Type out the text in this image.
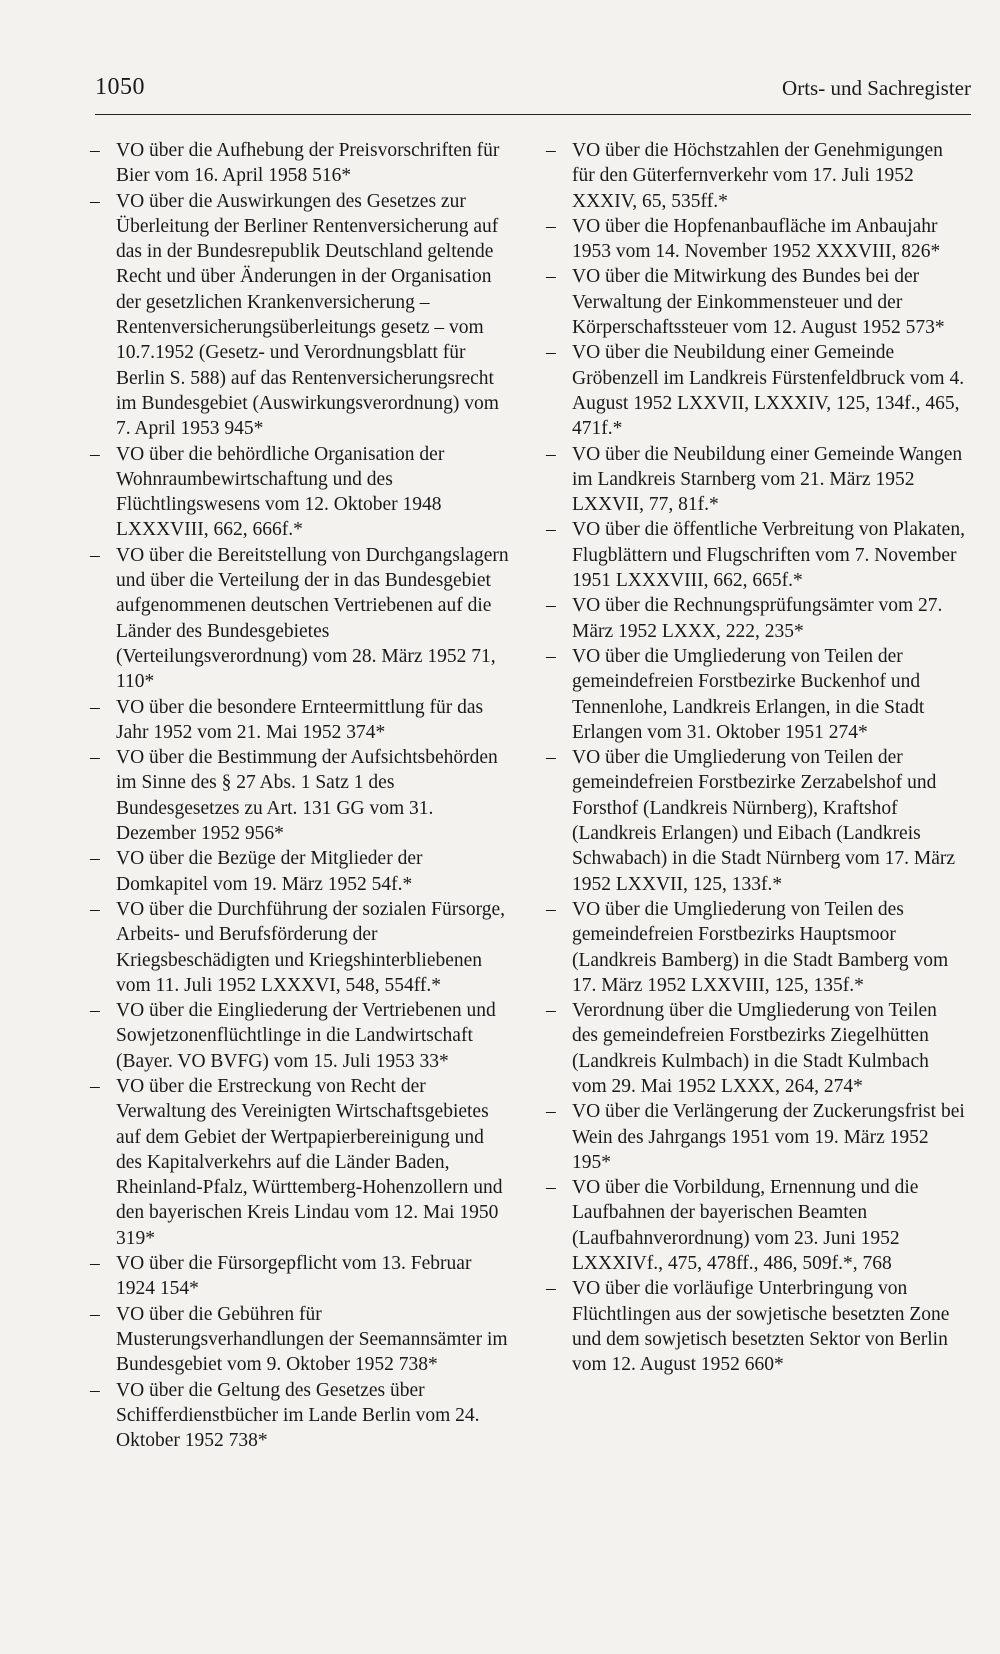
1050	Orts- und Sachregister

– VO über die Aufhebung der Preisvorschriften für Bier vom 16. April 1958 516*

– VO über die Auswirkungen des Gesetzes zur Überleitung der Berliner Rentenversicherung auf das in der Bundesrepublik Deutschland geltende Recht und über Änderungen in der Organisation der gesetzlichen Krankenversicherung – Rentenversicherungsüberleitungs gesetz – vom 10.7.1952 (Gesetz- und Verordnungsblatt für Berlin S. 588) auf das Rentenversicherungsrecht im Bundesgebiet (Auswirkungsverordnung) vom 7. April 1953 945*

– VO über die behördliche Organisation der Wohnraumbewirtschaftung und des Flüchtlingswesens vom 12. Oktober 1948 LXXXVIII, 662, 666f.*

– VO über die Bereitstellung von Durchgangslagern und über die Verteilung der in das Bundesgebiet aufgenommenen deutschen Vertriebenen auf die Länder des Bundesgebietes (Verteilungsverordnung) vom 28. März 1952 71, 110*

– VO über die besondere Ernteermittlung für das Jahr 1952 vom 21. Mai 1952 374*

– VO über die Bestimmung der Aufsichtsbehörden im Sinne des § 27 Abs. 1 Satz 1 des Bundesgesetzes zu Art. 131 GG vom 31. Dezember 1952 956*

– VO über die Bezüge der Mitglieder der Domkapitel vom 19. März 1952 54f.*

– VO über die Durchführung der sozialen Fürsorge, Arbeits- und Berufsförderung der Kriegsbeschädigten und Kriegshinterbliebenen vom 11. Juli 1952 LXXXVI, 548, 554ff.*

– VO über die Eingliederung der Vertriebenen und Sowjetzonenflüchtlinge in die Landwirtschaft (Bayer. VO BVFG) vom 15. Juli 1953 33*

– VO über die Erstreckung von Recht der Verwaltung des Vereinigten Wirtschaftsgebietes auf dem Gebiet der Wertpapierbereinigung und des Kapitalverkehrs auf die Länder Baden, Rheinland-Pfalz, Württemberg-Hohenzollern und den bayerischen Kreis Lindau vom 12. Mai 1950 319*

– VO über die Fürsorgepflicht vom 13. Februar 1924 154*

– VO über die Gebühren für Musterungsverhandlungen der Seemannsämter im Bundesgebiet vom 9. Oktober 1952 738*

– VO über die Geltung des Gesetzes über Schifferdienstbücher im Lande Berlin vom 24. Oktober 1952 738*

– VO über die Höchstzahlen der Genehmigungen für den Güterfernverkehr vom 17. Juli 1952 XXXIV, 65, 535ff.*

– VO über die Hopfenanbaufläche im Anbaujahr 1953 vom 14. November 1952 XXXVIII, 826*

– VO über die Mitwirkung des Bundes bei der Verwaltung der Einkommensteuer und der Körperschaftssteuer vom 12. August 1952 573*

– VO über die Neubildung einer Gemeinde Gröbenzell im Landkreis Fürstenfeldbruck vom 4. August 1952 LXXVII, LXXXIV, 125, 134f., 465, 471f.*

– VO über die Neubildung einer Gemeinde Wangen im Landkreis Starnberg vom 21. März 1952 LXXVII, 77, 81f.*

– VO über die öffentliche Verbreitung von Plakaten, Flugblättern und Flugschriften vom 7. November 1951 LXXXVIII, 662, 665f.*

– VO über die Rechnungsprüfungsämter vom 27. März 1952 LXXX, 222, 235*

– VO über die Umgliederung von Teilen der gemeindefreien Forstbezirke Buckenhof und Tennenlohe, Landkreis Erlangen, in die Stadt Erlangen vom 31. Oktober 1951 274*

– VO über die Umgliederung von Teilen der gemeindefreien Forstbezirke Zerzabelshof und Forsthof (Landkreis Nürnberg), Kraftshof (Landkreis Erlangen) und Eibach (Landkreis Schwabach) in die Stadt Nürnberg vom 17. März 1952 LXXVII, 125, 133f.*

– VO über die Umgliederung von Teilen des gemeindefreien Forstbezirks Hauptsmoor (Landkreis Bamberg) in die Stadt Bamberg vom 17. März 1952 LXXVIII, 125, 135f.*

– Verordnung über die Umgliederung von Teilen des gemeindefreien Forstbezirks Ziegelhütten (Landkreis Kulmbach) in die Stadt Kulmbach vom 29. Mai 1952 LXXX, 264, 274*

– VO über die Verlängerung der Zuckerungsfrist bei Wein des Jahrgangs 1951 vom 19. März 1952 195*

– VO über die Vorbildung, Ernennung und die Laufbahnen der bayerischen Beamten (Laufbahnverordnung) vom 23. Juni 1952 LXXXIVf., 475, 478ff., 486, 509f.*, 768

– VO über die vorläufige Unterbringung von Flüchtlingen aus der sowjetische besetzten Zone und dem sowjetisch besetzten Sektor von Berlin vom 12. August 1952 660*
